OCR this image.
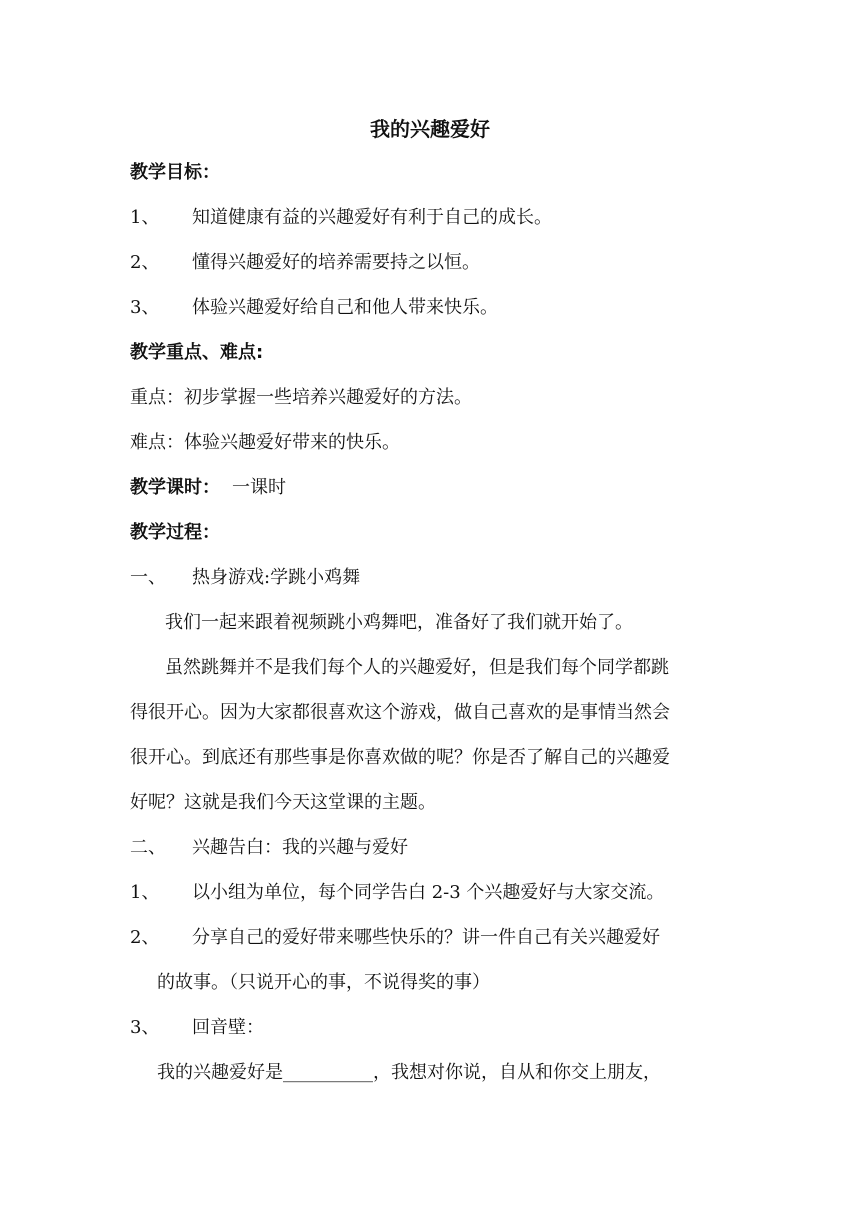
我的兴趣爱好
教学目标：
1、 知道健康有益的兴趣爱好有利于自己的成长。
2、 懂得兴趣爱好的培养需要持之以恒。
3、 体验兴趣爱好给自己和他人带来快乐。
教学重点、难点:
重点：初步掌握一些培养兴趣爱好的方法。
难点：体验兴趣爱好带来的快乐。
教学课时： 一课时
教学过程：
一、 热身游戏:学跳小鸡舞
我们一起来跟着视频跳小鸡舞吧，准备好了我们就开始了。
虽然跳舞并不是我们每个人的兴趣爱好，但是我们每个同学都跳
得很开心。因为大家都很喜欢这个游戏，做自己喜欢的是事情当然会
很开心。到底还有那些事是你喜欢做的呢？你是否了解自己的兴趣爱
好呢？这就是我们今天这堂课的主题。
二、 兴趣告白：我的兴趣与爱好
1、 以小组为单位，每个同学告白 2-3 个兴趣爱好与大家交流。
2、 分享自己的爱好带来哪些快乐的？讲一件自己有关兴趣爱好
的故事。（只说开心的事，不说得奖的事）
3、 回音壁：
我的兴趣爱好是__________，我想对你说，自从和你交上朋友，
